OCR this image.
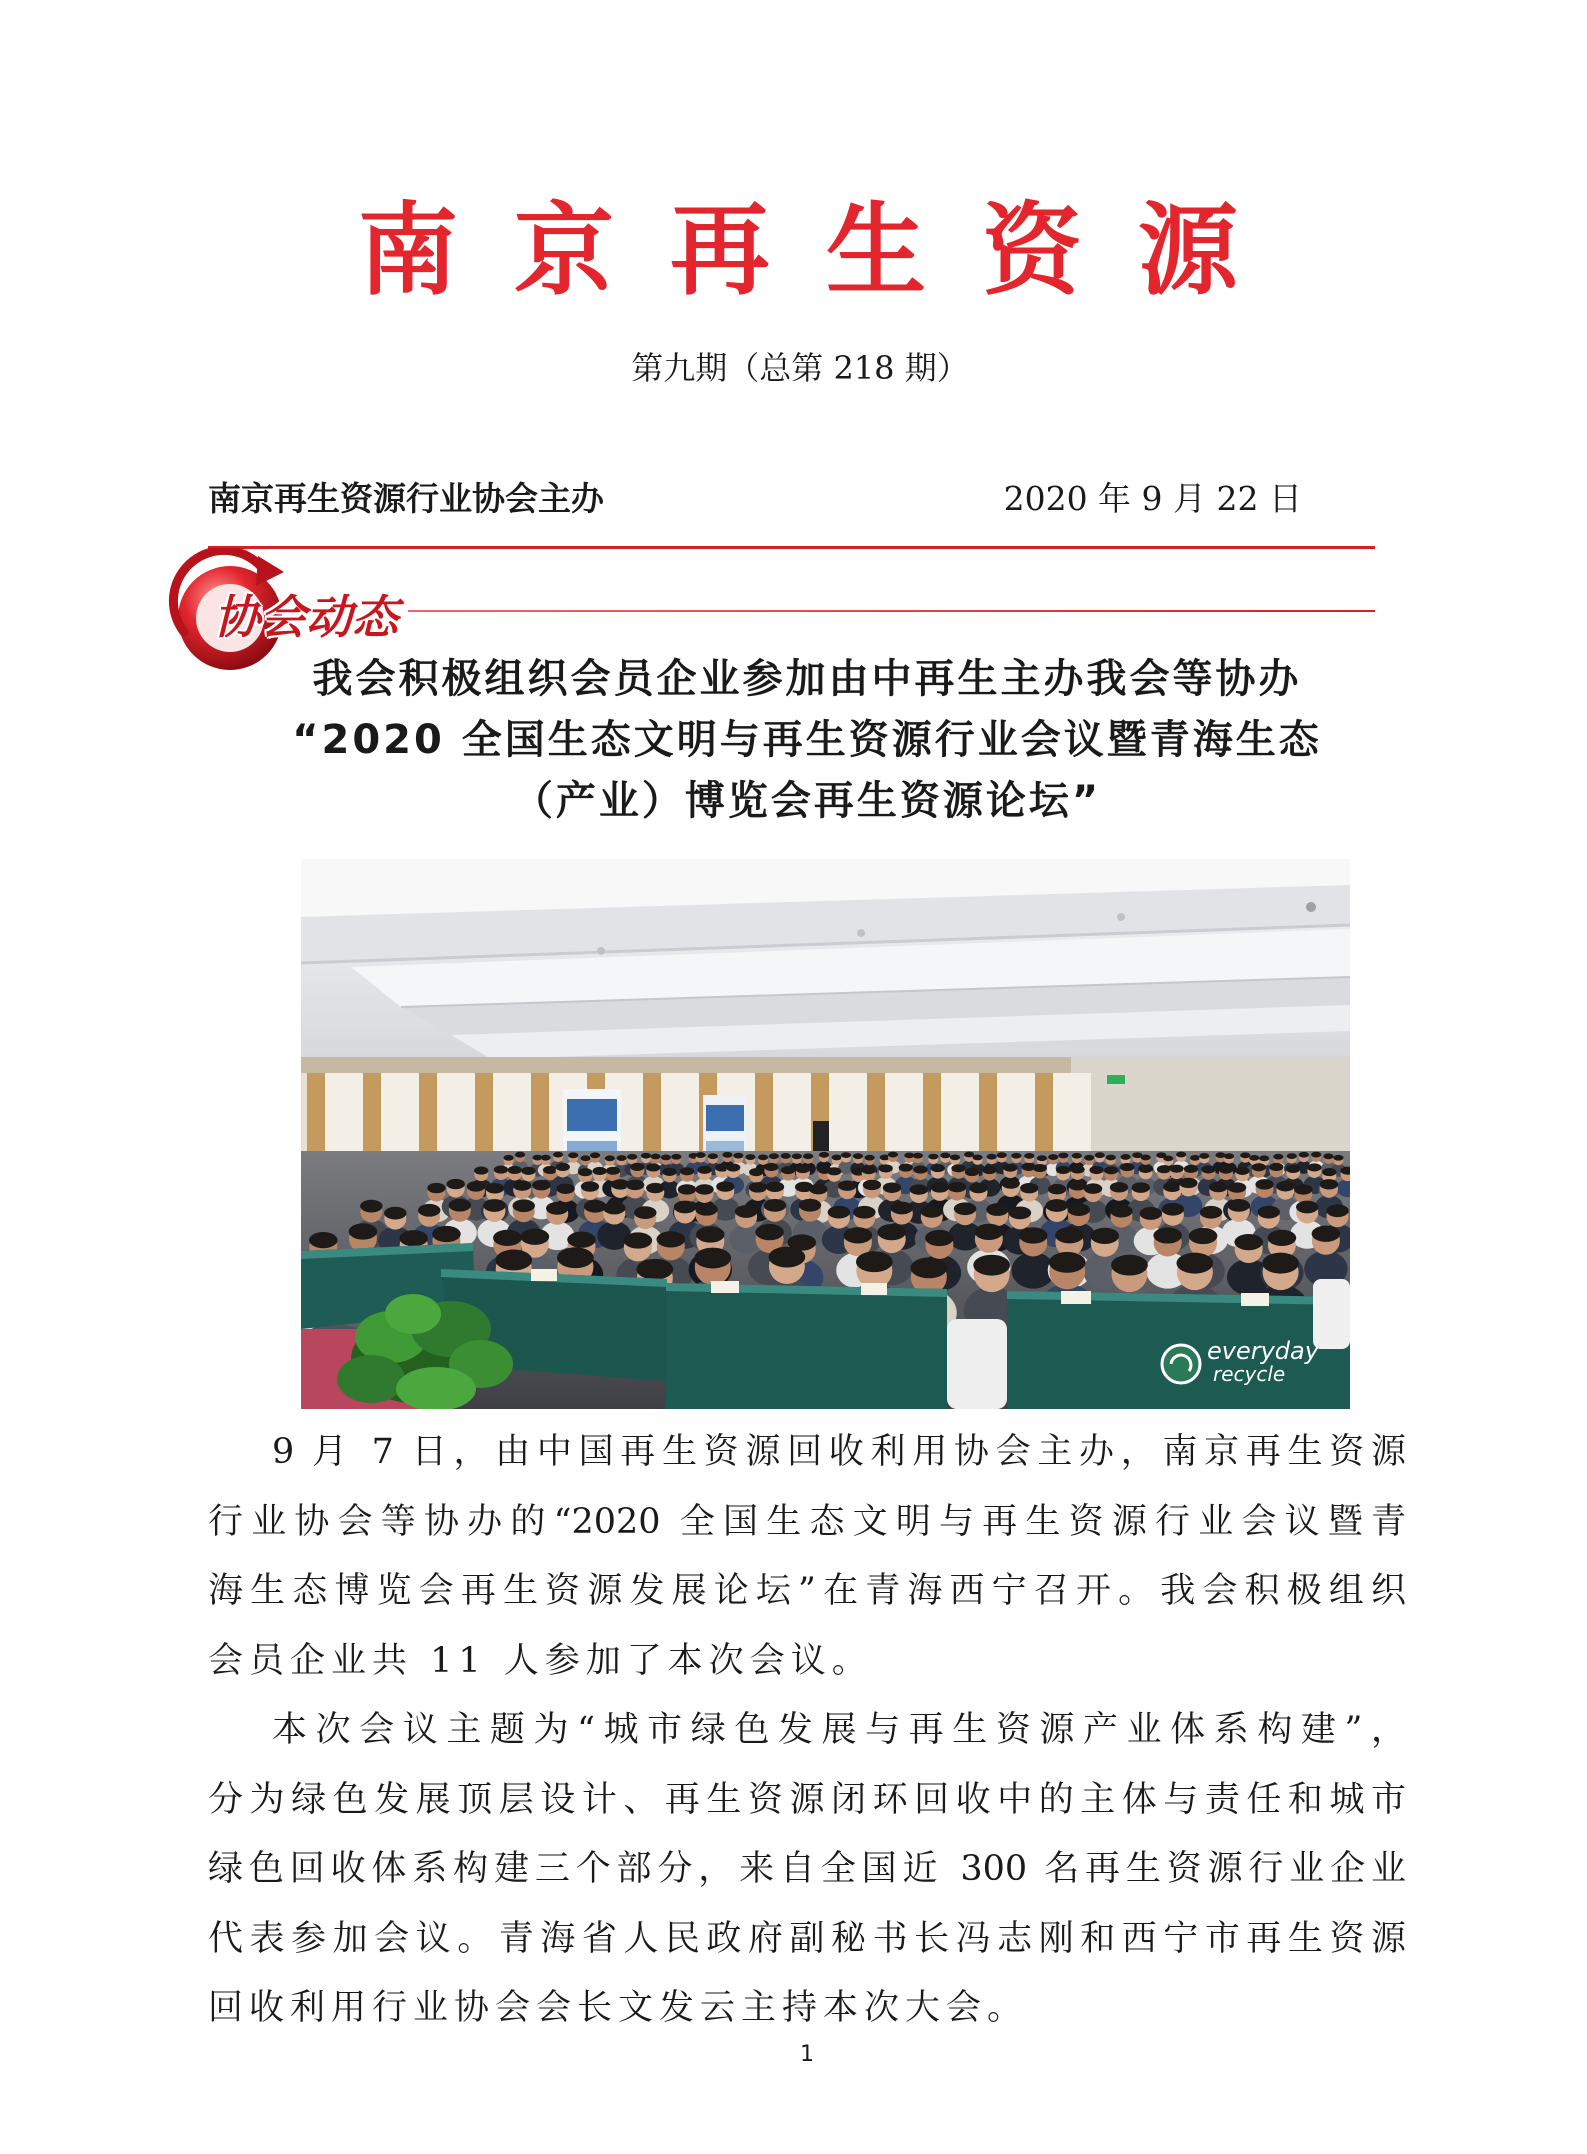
南京再生资源
第九期（总第 218 期）
南京再生资源行业协会主办	2020 年 9 月 22 日
协会动态
我会积极组织会员企业参加由中再生主办我会等协办
“2020 全国生态文明与再生资源行业会议暨青海生态
（产业）博览会再生资源论坛”
everyday
recycle
9 月 7 日，由中国再生资源回收利用协会主办，南京再生资源
行业协会等协办的“2020 全国生态文明与再生资源行业会议暨青
海生态博览会再生资源发展论坛”在青海西宁召开。我会积极组织
会员企业共 11 人参加了本次会议。
本次会议主题为“城市绿色发展与再生资源产业体系构建”，
分为绿色发展顶层设计、再生资源闭环回收中的主体与责任和城市
绿色回收体系构建三个部分，来自全国近 300 名再生资源行业企业
代表参加会议。青海省人民政府副秘书长冯志刚和西宁市再生资源
回收利用行业协会会长文发云主持本次大会。
1
